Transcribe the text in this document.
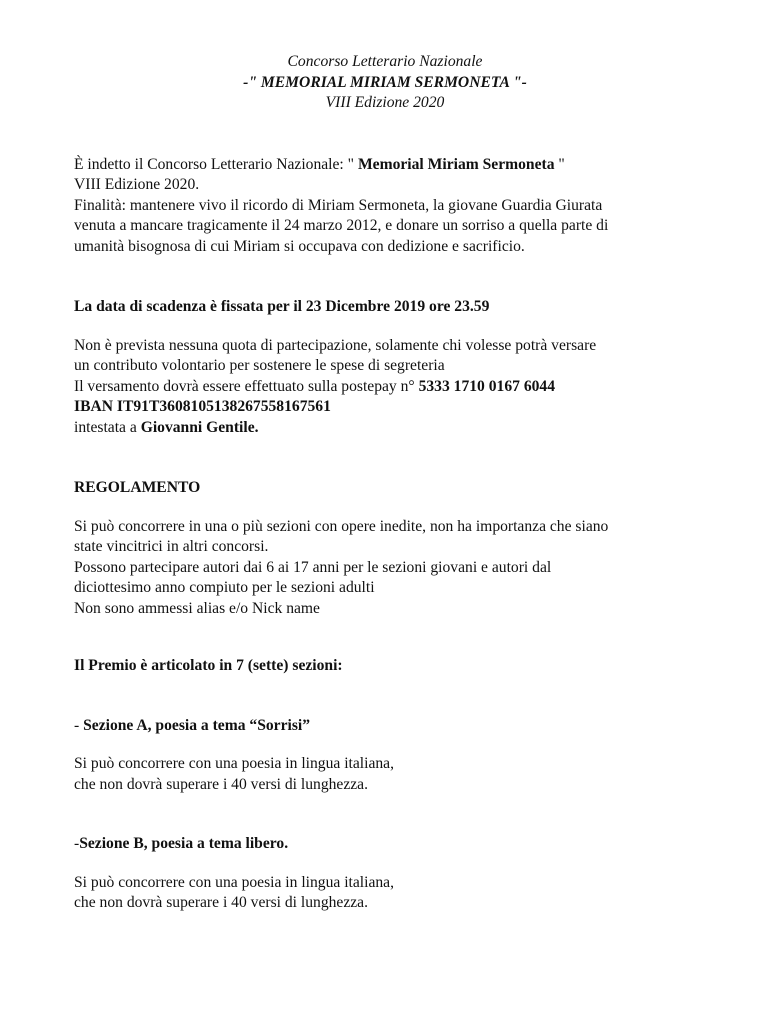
Concorso Letterario Nazionale

-" MEMORIAL MIRIAM SERMONETA "-

VIII Edizione 2020

È indetto il Concorso Letterario Nazionale: " Memorial Miriam Sermoneta "

VIII Edizione 2020.

Finalità: mantenere vivo il ricordo di Miriam Sermoneta, la giovane Guardia Giurata

venuta a mancare tragicamente il 24 marzo 2012, e donare un sorriso a quella parte di

umanità bisognosa di cui Miriam si occupava con dedizione e sacrificio.

La data di scadenza è fissata per il 23 Dicembre 2019 ore 23.59

Non è prevista nessuna quota di partecipazione, solamente chi volesse potrà versare

un contributo volontario per sostenere le spese di segreteria

Il versamento dovrà essere effettuato sulla postepay n° 5333 1710 0167 6044

IBAN IT91T3608105138267558167561

intestata a Giovanni Gentile.

REGOLAMENTO

Si può concorrere in una o più sezioni con opere inedite, non ha importanza che siano

state vincitrici in altri concorsi.

Possono partecipare autori dai 6 ai 17 anni per le sezioni giovani e autori dal

diciottesimo anno compiuto per le sezioni adulti

Non sono ammessi alias e/o Nick name

Il Premio è articolato in 7 (sette) sezioni:

- Sezione A, poesia a tema “Sorrisi”

Si può concorrere con una poesia in lingua italiana,

che non dovrà superare i 40 versi di lunghezza.

-Sezione B, poesia a tema libero.

Si può concorrere con una poesia in lingua italiana,

che non dovrà superare i 40 versi di lunghezza.
